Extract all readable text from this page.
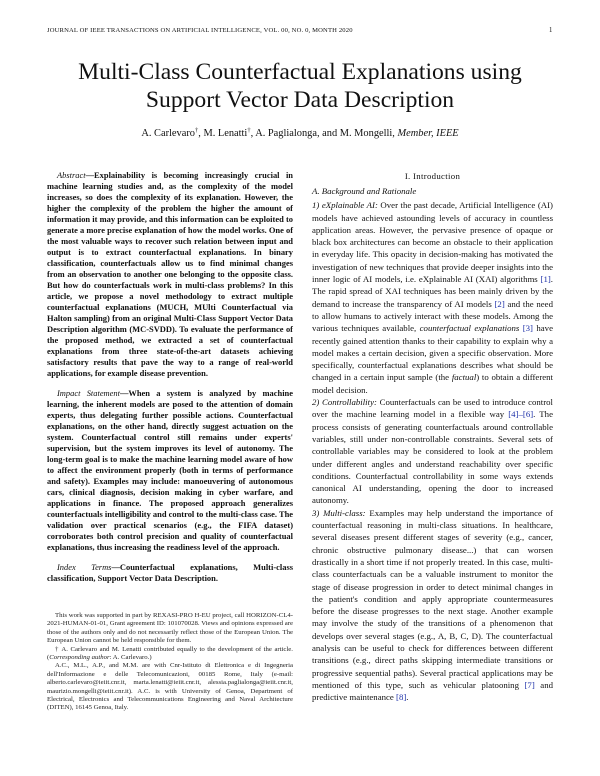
JOURNAL OF IEEE TRANSACTIONS ON ARTIFICIAL INTELLIGENCE, VOL. 00, NO. 0, MONTH 2020	1
Multi-Class Counterfactual Explanations using
Support Vector Data Description
A. Carlevaro†, M. Lenatti†, A. Paglialonga, and M. Mongelli, Member, IEEE

Abstract—Explainability is becoming increasingly crucial in machine learning studies and, as the complexity of the model increases, so does the complexity of its explanation. However, the higher the complexity of the problem the higher the amount of information it may provide, and this information can be exploited to generate a more precise explanation of how the model works. One of the most valuable ways to recover such relation between input and output is to extract counterfactual explanations. In binary classification, counterfactuals allow us to find minimal changes from an observation to another one belonging to the opposite class. But how do counterfactuals work in multi-class problems? In this article, we propose a novel methodology to extract multiple counterfactual explanations (MUCH, MUlti Counterfactual via Halton sampling) from an original Multi-Class Support Vector Data Description algorithm (MC-SVDD). To evaluate the performance of the proposed method, we extracted a set of counterfactual explanations from three state-of-the-art datasets achieving satisfactory results that pave the way to a range of real-world applications, for example disease prevention.

Impact Statement—When a system is analyzed by machine learning, the inherent models are posed to the attention of domain experts, thus delegating further possible actions. Counterfactual explanations, on the other hand, directly suggest actuation on the system. Counterfactual control still remains under experts' supervision, but the system improves its level of autonomy. The long-term goal is to make the machine learning model aware of how to affect the environment properly (both in terms of performance and safety). Examples may include: manoeuvering of autonomous cars, clinical diagnosis, decision making in cyber warfare, and applications in finance. The proposed approach generalizes counterfactuals intelligibility and control to the multi-class case. The validation over practical scenarios (e.g., the FIFA dataset) corroborates both control precision and quality of counterfactual explanations, thus increasing the readiness level of the approach.

Index Terms—Counterfactual explanations, Multi-class classification, Support Vector Data Description.

This work was supported in part by REXASI-PRO H-EU project, call HORIZON-CL4-2021-HUMAN-01-01, Grant agreement ID: 101070028. Views and opinions expressed are those of the authors only and do not necessarily reflect those of the European Union. The European Union cannot be held responsible for them.

† A. Carlevaro and M. Lenatti contributed equally to the development of the article. (Corresponding author: A. Carlevaro.)

A.C., M.L., A.P., and M.M. are with Cnr-Istituto di Elettronica e di Ingegneria dell'Informazione e delle Telecomunicazioni, 00185 Rome, Italy (e-mail: alberto.carlevaro@ieiit.cnr.it, marta.lenatti@ieiit.cnr.it, alessia.paglialonga@ieiit.cnr.it, maurizio.mongelli@ieiit.cnr.it). A.C. is with University of Genoa, Department of Electrical, Electronics and Telecommunications Engineering and Naval Architecture (DITEN), 16145 Genoa, Italy.

I. Introduction
A. Background and Rationale

1) eXplainable AI: Over the past decade, Artificial Intelligence (AI) models have achieved astounding levels of accuracy in countless application areas. However, the pervasive presence of opaque or black box architectures can become an obstacle to their application in everyday life. This opacity in decision-making has motivated the investigation of new techniques that provide deeper insights into the inner logic of AI models, i.e. eXplainable AI (XAI) algorithms [1]. The rapid spread of XAI techniques has been mainly driven by the demand to increase the transparency of AI models [2] and the need to allow humans to actively interact with these models. Among the various techniques available, counterfactual explanations [3] have recently gained attention thanks to their capability to explain why a model makes a certain decision, given a specific observation. More specifically, counterfactual explanations describes what should be changed in a certain input sample (the factual) to obtain a different model decision.

2) Controllability: Counterfactuals can be used to introduce control over the machine learning model in a flexible way [4]–[6]. The process consists of generating counterfactuals around controllable variables, still under non-controllable constraints. Several sets of controllable variables may be considered to look at the problem under different angles and understand reachability over specific conditions. Counterfactual controllability in some ways extends canonical AI understanding, opening the door to increased autonomy.

3) Multi-class: Examples may help understand the importance of counterfactual reasoning in multi-class situations. In healthcare, several diseases present different stages of severity (e.g., cancer, chronic obstructive pulmonary disease...) that can worsen drastically in a short time if not properly treated. In this case, multi-class counterfactuals can be a valuable instrument to monitor the stage of disease progression in order to detect minimal changes in the patient's condition and apply appropriate countermeasures before the disease progresses to the next stage. Another example may involve the study of the transitions of a phenomenon that develops over several stages (e.g., A, B, C, D). The counterfactual analysis can be useful to check for differences between different transitions (e.g., direct paths skipping intermediate transitions or progressive sequential paths). Several practical applications may be mentioned of this type, such as vehicular platooning [7] and predictive maintenance [8].
